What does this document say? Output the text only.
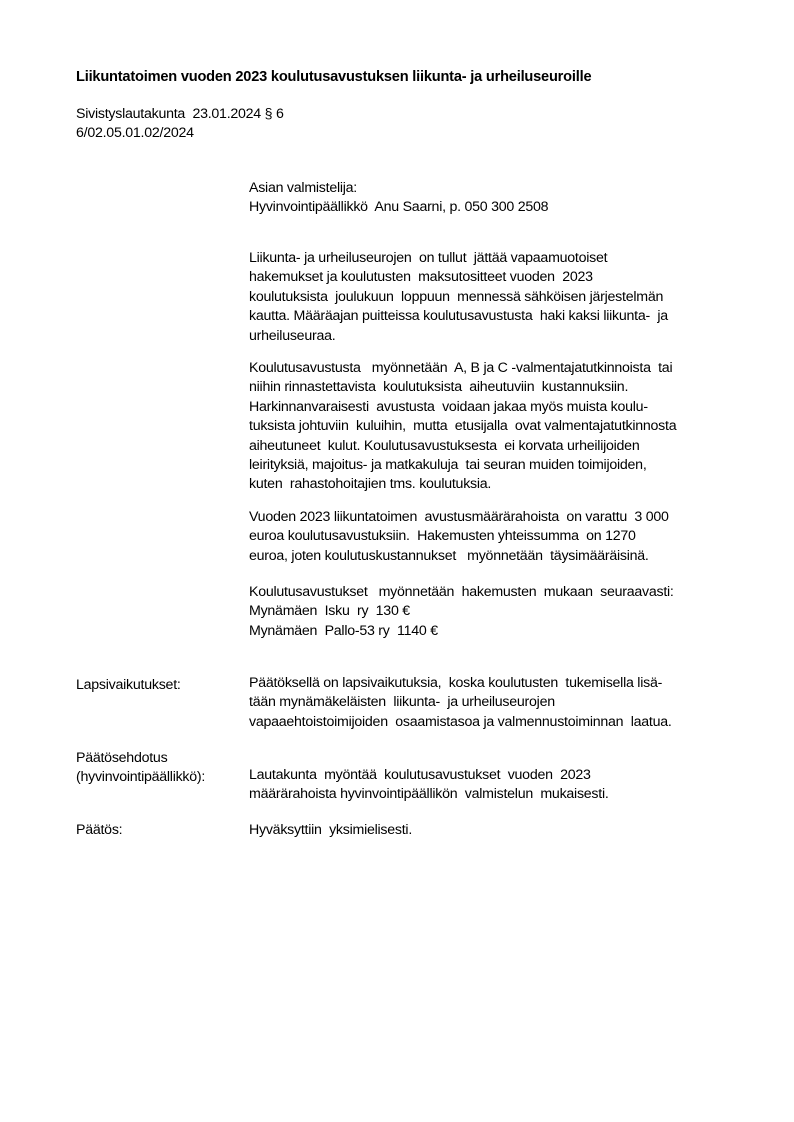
Liikuntatoimen vuoden 2023 koulutusavustuksen liikunta- ja urheiluseuroille
Sivistyslautakunta  23.01.2024 § 6
6/02.05.01.02/2024
Asian valmistelija:
Hyvinvointipäällikkö  Anu Saarni, p. 050 300 2508
Liikunta- ja urheiluseurojen  on tullut  jättää vapaamuotoiset
hakemukset ja koulutusten  maksutositteet vuoden  2023
koulutuksista  joulukuun  loppuun  mennessä sähköisen järjestelmän
kautta. Määräajan puitteissa koulutusavustusta  haki kaksi liikunta-  ja
urheiluseuraa.
Koulutusavustusta   myönnetään  A, B ja C -valmentajatutkinnoista  tai
niihin rinnastettavista  koulutuksista  aiheutuviin  kustannuksiin.
Harkinnanvaraisesti  avustusta  voidaan jakaa myös muista koulu-
tuksista johtuviin  kuluihin,  mutta  etusijalla  ovat valmentajatutkinnosta
aiheutuneet  kulut. Koulutusavustuksesta  ei korvata urheilijoiden
leirityksiä, majoitus- ja matkakuluja  tai seuran muiden toimijoiden,
kuten  rahastohoitajien tms. koulutuksia.
Vuoden 2023 liikuntatoimen  avustusmäärärahoista  on varattu  3 000
euroa koulutusavustuksiin.  Hakemusten yhteissumma  on 1270
euroa, joten koulutuskustannukset   myönnetään  täysimääräisinä.
Koulutusavustukset   myönnetään  hakemusten  mukaan  seuraavasti:
Mynämäen  Isku  ry  130 €
Mynämäen  Pallo-53 ry  1140 €
Lapsivaikutukset:	Päätöksellä on lapsivaikutuksia,  koska koulutusten  tukemisella lisä-
tään mynämäkeläisten  liikunta-  ja urheiluseurojen
vapaaehtoistoimijoiden  osaamistasoa ja valmennustoiminnan  laatua.
Päätösehdotus
(hyvinvointipäällikkö):	Lautakunta  myöntää  koulutusavustukset  vuoden  2023
määrärahoista hyvinvointipäällikön  valmistelun  mukaisesti.
Päätös:	Hyväksyttiin  yksimielisesti.
